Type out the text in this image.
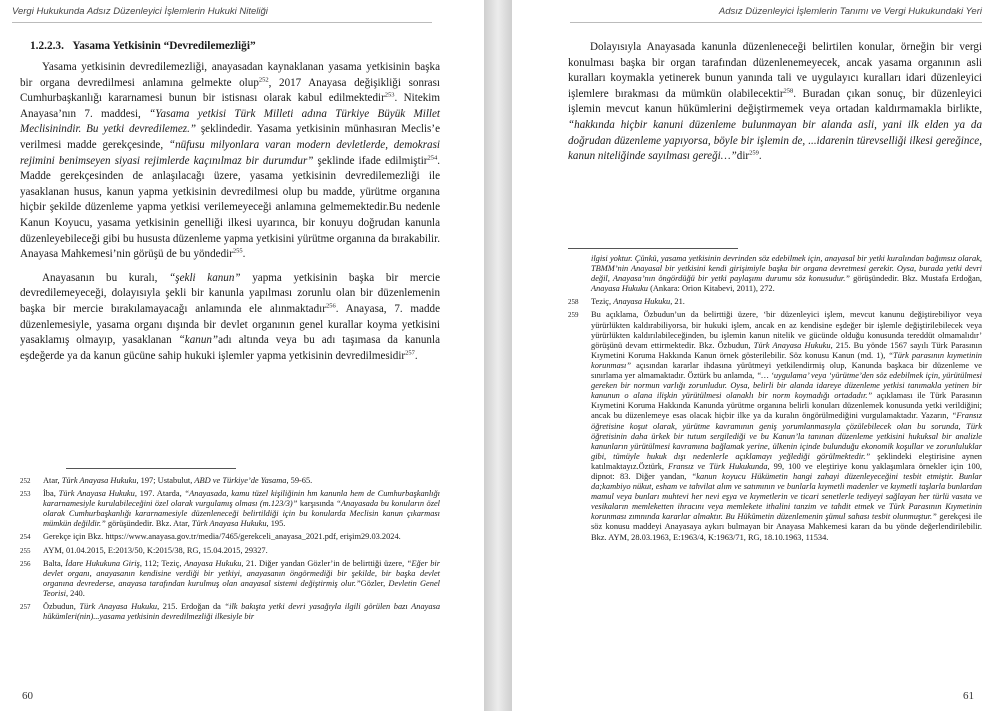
Vergi Hukukunda Adsız Düzenleyici İşlemlerin Hukuki Niteliği
1.2.2.3.   Yasama Yetkisinin “Devredilemezliği”

Yasama yetkisinin devredilemezliği, anayasadan kaynaklanan yasama yetkisinin başka bir organa devredilmesi anlamına gelmekte olup$^{252}$, 2017 Anayasa değişikliği sonrası Cumhurbaşkanlığı kararnamesi bunun bir istisnası olarak kabul edilmektedir$^{253}$. Nitekim Anayasa’nın 7. maddesi, “Yasama yetkisi Türk Milleti adına Türkiye Büyük Millet Meclisinindir. Bu yetki devredilemez.” şeklindedir. Yasama yetkisinin münhasıran Meclis’e verilmesi madde gerekçesinde, “nüfusu milyonlara varan modern devletlerde, demokrasi rejimini benimseyen siyasi rejimlerde kaçınılmaz bir durumdur” şeklinde ifade edilmiştir$^{254}$. Madde gerekçesinden de anlaşılacağı üzere, yasama yetkisinin devredilemezliği ile yasaklanan husus, kanun yapma yetkisinin devredilmesi olup bu madde, yürütme organına hiçbir şekilde düzenleme yapma yetkisi verilemeyeceği anlamına gelmemektedir.Bu nedenle Kanun Koyucu, yasama yetkisinin genelliği ilkesi uyarınca, bir konuyu doğrudan kanunla düzenleyebileceği gibi bu hususta düzenleme yapma yetkisini yürütme organına da bırakabilir. Anayasa Mahkemesi’nin görüşü de bu yöndedir$^{255}$.

Anayasanın bu kuralı, “şekli kanun” yapma yetkisinin başka bir mercie devredilemeyeceği, dolayısıyla şekli bir kanunla yapılması zorunlu olan bir düzenlemenin başka bir mercie bırakılamayacağı anlamında ele alınmaktadır$^{256}$. Anayasa, 7. madde düzenlemesiyle, yasama organı dışında bir devlet organının genel kurallar koyma yetkisini yasaklamış olmayıp, yasaklanan “kanun”adı altında veya bu adı taşımasa da kanunla eşdeğerde ya da kanun gücüne sahip hukuki işlemler yapma yetkisinin devredilmesidir$^{257}$.

252 Atar, Türk Anayasa Hukuku, 197; Ustabulut, ABD ve Türkiye’de Yasama, 59-65.
253 İba, Türk Anayasa Hukuku, 197. Atarda, “Anayasada, kamu tüzel kişiliğinin hm kanunla hem de Cumhurbaşkanlığı kararnamesiyle kurulabileceğini özel olarak vurgulamış olması (m.123/3)” karşısında “Anayasada bu konuların özel olarak Cumhurbaşkanlığı kararnamesiyle düzenleneceği belirtildiği için bu konularda Meclisin kanun çıkarması mümkün değildir.” görüşündedir. Bkz. Atar, Türk Anayasa Hukuku, 195.
254 Gerekçe için Bkz. https://www.anayasa.gov.tr/media/7465/gerekceli_anayasa_2021.pdf, erişim29.03.2024.
255 AYM, 01.04.2015, E:2013/50, K:2015/38, RG, 15.04.2015, 29327.
256 Balta, İdare Hukukuna Giriş, 112; Teziç, Anayasa Hukuku, 21. Diğer yandan Gözler’in de belirttiği üzere, “Eğer bir devlet organı, anayasanın kendisine verdiği bir yetkiyi, anayasanın öngörmediği bir şekilde, bir başka devlet organına devrederse, anayasa tarafından kurulmuş olan anayasal sistemi değiştirmiş olur.”Gözler, Devletin Genel Teorisi, 240.
257 Özbudun, Türk Anayasa Hukuku, 215. Erdoğan da “ilk bakışta yetki devri yasağıyla ilgili görülen bazı Anayasa hükümleri(nin)...yasama yetkisinin devredilmezliği ilkesiyle bir
60
Adsız Düzenleyici İşlemlerin Tanımı ve Vergi Hukukundaki Yeri

Dolayısıyla Anayasada kanunla düzenleneceği belirtilen konular, örneğin bir vergi konulması başka bir organ tarafından düzenlenemeyecek, ancak yasama organının asli kuralları koymakla yetinerek bunun yanında tali ve uygulayıcı kuralları idari düzenleyici işlemlere bırakması da mümkün olabilecektir$^{258}$. Buradan çıkan sonuç, bir düzenleyici işlemin mevcut kanun hükümlerini değiştirmemek veya ortadan kaldırmamakla birlikte, “hakkında hiçbir kanuni düzenleme bulunmayan bir alanda asli, yani ilk elden ya da doğrudan düzenleme yapıyorsa, böyle bir işlemin de, ...idarenin türevselliği ilkesi gereğince, kanun niteliğinde sayılması gereği…”dir$^{259}$.

ilgisi yoktur. Çünkü, yasama yetkisinin devrinden söz edebilmek için, anayasal bir yetki kuralından bağımsız olarak, TBMM’nin Anayasal bir yetkisini kendi girişimiyle başka bir organa devretmesi gerekir. Oysa, burada yetki devri değil, Anayasa’nın öngördüğü bir yetki paylaşımı durumu söz konusudur.” görüşündedir. Bkz. Mustafa Erdoğan, Anayasa Hukuku (Ankara: Orion Kitabevi, 2011), 272.
258 Teziç, Anayasa Hukuku, 21.
259 Bu açıklama, Özbudun’un da belirttiği üzere, ‘bir düzenleyici işlem, mevcut kanunu değiştirebiliyor veya yürürlükten kaldırabiliyorsa, bir hukuki işlem, ancak en az kendisine eşdeğer bir işlemle değiştirilebilecek veya yürürlükten kaldırılabileceğinden, bu işlemin kanun nitelik ve gücünde olduğu konusunda tereddüt olmamalıdır’ görüşünü devam ettirmektedir. Bkz. Özbudun, Türk Anayasa Hukuku, 215. Bu yönde 1567 sayılı Türk Parasının Kıymetini Koruma Hakkında Kanun örnek gösterilebilir. Söz konusu Kanun (md. 1), “Türk parasının kıymetinin korunması” açısından kararlar ihdasına yürütmeyi yetkilendirmiş olup, Kanunda başkaca bir düzenleme ve sınırlama yer almamaktadır. Öztürk bu anlamda, “… ‘uygulama’ veya ‘yürütme’den söz edebilmek için, yürütülmesi gereken bir normun varlığı zorunludur. Oysa, belirli bir alanda idareye düzenleme yetkisi tanımakla yetinen bir kanunun o alana ilişkin yürütülmesi olanaklı bir norm koymadığı ortadadır.” açıklaması ile Türk Parasının Kıymetini Koruma Hakkında Kanunda yürütme organına belirli konuları düzenlemek konusunda yetki verildiğini; ancak bu düzenlemeye esas olacak hiçbir ilke ya da kuralın öngörülmediğini vurgulamaktadır. Yazarın, “Fransız öğretisine koşut olarak, yürütme kavramının geniş yorumlanmasıyla çözülebilecek olan bu sorunda, Türk öğretisinin daha ürkek bir tutum sergilediği ve bu Kanun’la tanınan düzenleme yetkisini hukuksal bir analizle kanunların yürütülmesi kavramına bağlamak yerine, ülkenin içinde bulunduğu ekonomik koşullar ve zorunluluklar gibi, tümüyle hukuk dışı nedenlerle açıklamayı yeğlediği görülmektedir.” şeklindeki eleştirisine aynen katılmaktayız.Öztürk, Fransız ve Türk Hukukunda, 99, 100 ve eleştiriye konu yaklaşımlara örnekler için 100, dipnot: 83. Diğer yandan, “kanun koyucu Hükümetin hangi zahayi düzenleyeceğini tesbit etmiştir. Bunlar da;kambiyo nükut, esham ve tahvilat alım ve satımının ve bunlarla kıymetli madenler ve kıymetli taşlarla bunlardan mamul veya bunları muhtevi her nevi eşya ve kıymetlerin ve ticari senetlerle tediyeyi sağlayan her türlü vasıta ve vesikaların memleketten ihracını veya memlekete ithalini tanzim ve tahdit etmek ve Türk Parasının Kıymetinin korunması zımnında kararlar almaktır. Bu Hükümetin düzenlemenin şümul sahası tesbit olunmuştur.” gerekçesi ile söz konusu maddeyi Anayasaya aykırı bulmayan bir Anayasa Mahkemesi kararı da bu yönde değerlendirilebilir. Bkz. AYM, 28.03.1963, E:1963/4, K:1963/71, RG, 18.10.1963, 11534.
61
